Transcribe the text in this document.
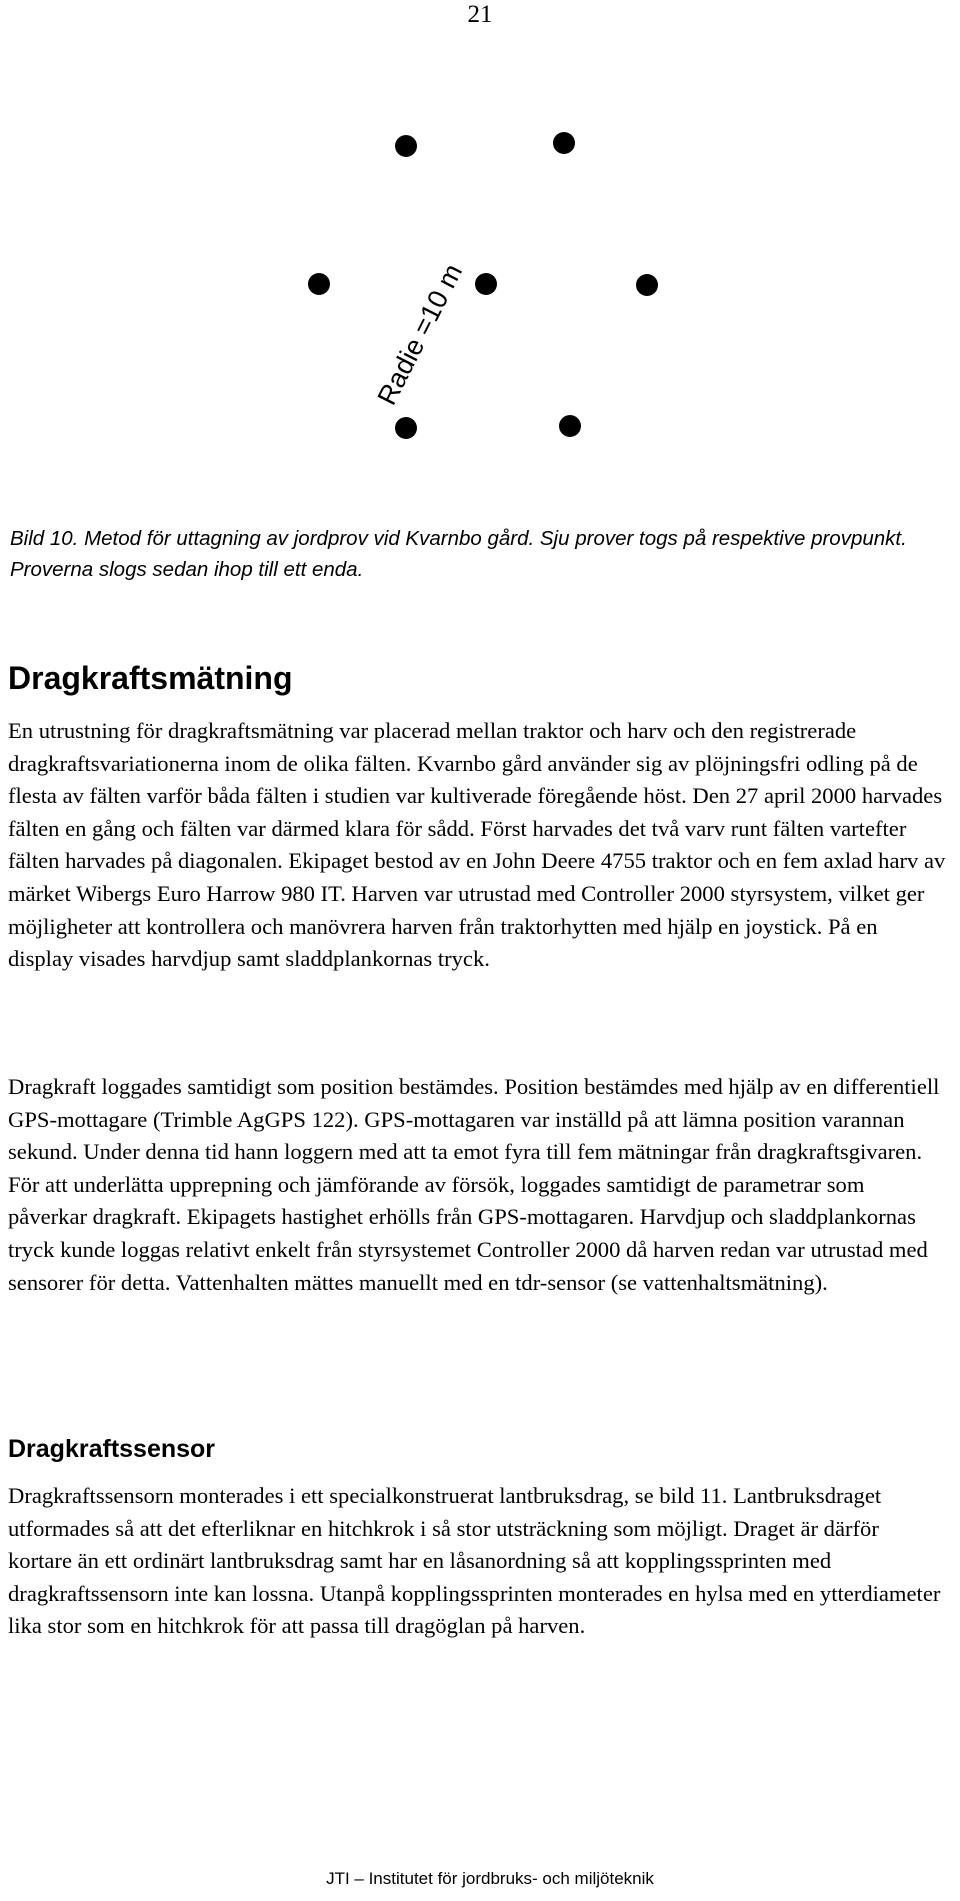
21
Radie =10 m
Bild 10. Metod för uttagning av jordprov vid Kvarnbo gård. Sju prover togs på respektive provpunkt. Proverna slogs sedan ihop till ett enda.
Dragkraftsmätning

En utrustning för dragkraftsmätning var placerad mellan traktor och harv och den registrerade dragkraftsvariationerna inom de olika fälten. Kvarnbo gård använder sig av plöjningsfri odling på de flesta av fälten varför båda fälten i studien var kultiverade föregående höst. Den 27 april 2000 harvades fälten en gång och fälten var därmed klara för sådd. Först harvades det två varv runt fälten vartefter fälten harvades på diagonalen. Ekipaget bestod av en John Deere 4755 traktor och en fem axlad harv av märket Wibergs Euro Harrow 980 IT. Harven var utrustad med Controller 2000 styrsystem, vilket ger möjligheter att kontrollera och manövrera harven från traktorhytten med hjälp en joystick. På en display visades harvdjup samt sladdplankornas tryck.

Dragkraft loggades samtidigt som position bestämdes. Position bestämdes med hjälp av en differentiell GPS-mottagare (Trimble AgGPS 122). GPS-mottagaren var inställd på att lämna position varannan sekund. Under denna tid hann loggern med att ta emot fyra till fem mätningar från dragkraftsgivaren. För att underlätta upprepning och jämförande av försök, loggades samtidigt de parametrar som påverkar dragkraft. Ekipagets hastighet erhölls från GPS-mottagaren. Harvdjup och sladdplankornas tryck kunde loggas relativt enkelt från styrsystemet Controller 2000 då harven redan var utrustad med sensorer för detta. Vattenhalten mättes manuellt med en tdr-sensor (se vattenhaltsmätning).

Dragkraftssensor

Dragkraftssensorn monterades i ett specialkonstruerat lantbruksdrag, se bild 11. Lantbruksdraget utformades så att det efterliknar en hitchkrok i så stor utsträckning som möjligt. Draget är därför kortare än ett ordinärt lantbruksdrag samt har en låsanordning så att kopplingssprinten med dragkraftssensorn inte kan lossna. Utanpå kopplingssprinten monterades en hylsa med en ytterdiameter lika stor som en hitchkrok för att passa till dragöglan på harven.

JTI – Institutet för jordbruks- och miljöteknik
